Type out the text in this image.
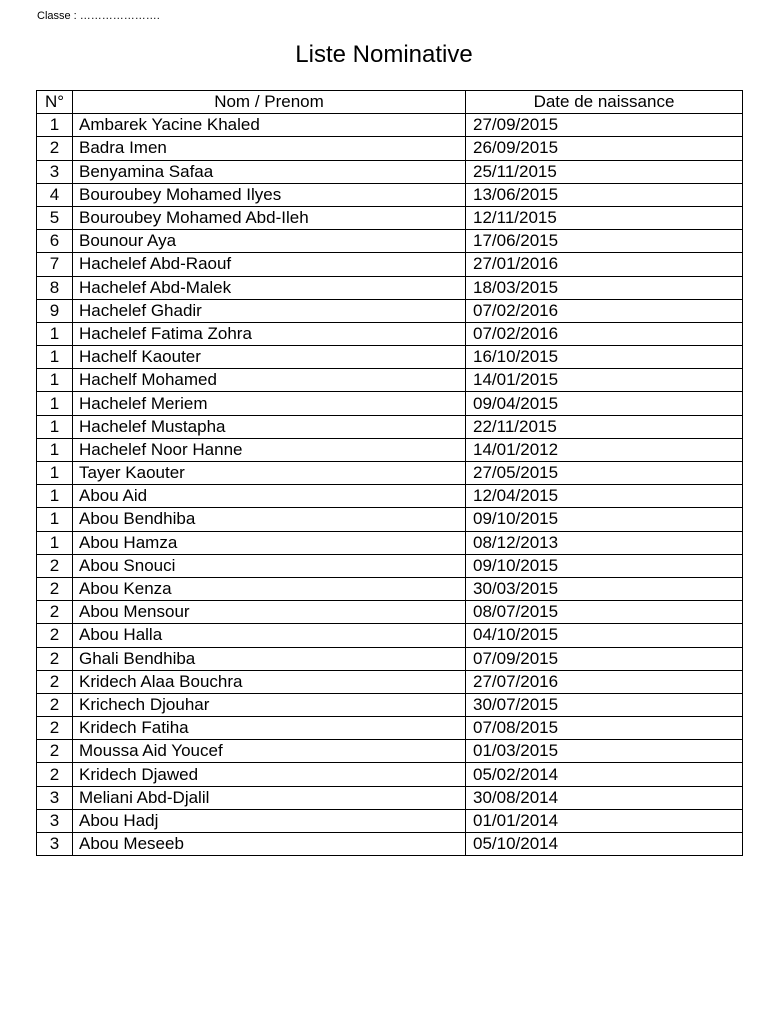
Classe : ………………….
Liste Nominative
N°	Nom / Prenom	Date de naissance
1	Ambarek Yacine Khaled	27/09/2015
2	Badra Imen	26/09/2015
3	Benyamina Safaa	25/11/2015
4	Bouroubey Mohamed Ilyes	13/06/2015
5	Bouroubey Mohamed Abd-Ileh	12/11/2015
6	Bounour Aya	17/06/2015
7	Hachelef Abd-Raouf	27/01/2016
8	Hachelef Abd-Malek	18/03/2015
9	Hachelef Ghadir	07/02/2016
1	Hachelef Fatima Zohra	07/02/2016
1	Hachelf Kaouter	16/10/2015
1	Hachelf Mohamed	14/01/2015
1	Hachelef Meriem	09/04/2015
1	Hachelef Mustapha	22/11/2015
1	Hachelef Noor Hanne	14/01/2012
1	Tayer Kaouter	27/05/2015
1	Abou Aid	12/04/2015
1	Abou Bendhiba	09/10/2015
1	Abou Hamza	08/12/2013
2	Abou Snouci	09/10/2015
2	Abou Kenza	30/03/2015
2	Abou Mensour	08/07/2015
2	Abou Halla	04/10/2015
2	Ghali Bendhiba	07/09/2015
2	Kridech Alaa Bouchra	27/07/2016
2	Krichech Djouhar	30/07/2015
2	Kridech Fatiha	07/08/2015
2	Moussa Aid Youcef	01/03/2015
2	Kridech Djawed	05/02/2014
3	Meliani Abd-Djalil	30/08/2014
3	Abou Hadj	01/01/2014
3	Abou Meseeb	05/10/2014
